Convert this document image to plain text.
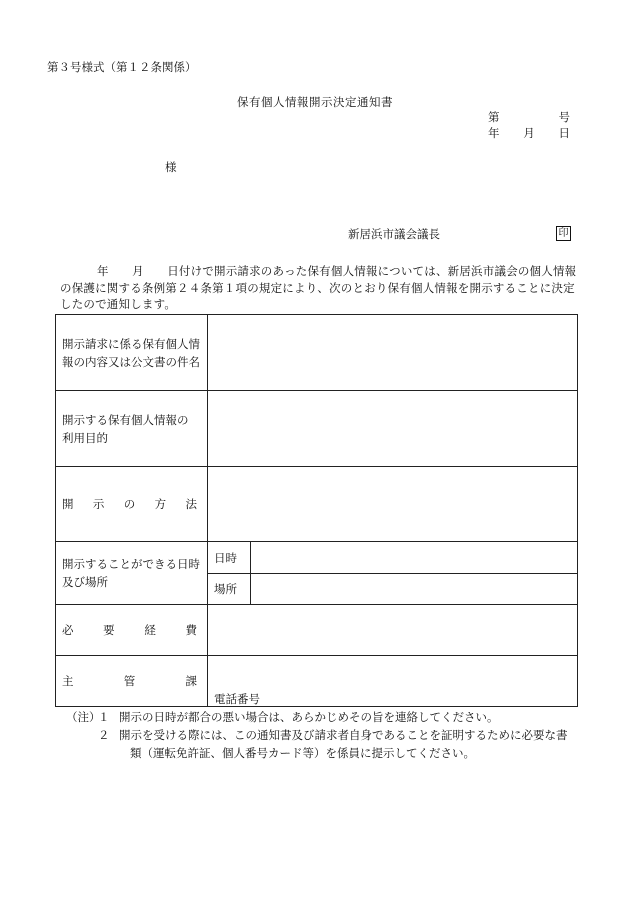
第３号様式（第１２条関係）
保有個人情報開示決定通知書
第	号
年 月 日
様
新居浜市議会議長	印
年　　月　　日付けで開示請求のあった保有個人情報については、新居浜市議会の個人情報
の保護に関する条例第２４条第１項の規定により、次のとおり保有個人情報を開示することに決定
したので通知します。
開示請求に係る保有個人情
報の内容又は公文書の件名		

開示する保有個人情報の
利用目的		

開 示 の 方 法		

開示することができる日時
及び場所	日時	
	場所	

必 要 経 費		

主 管 課	電話番号	
（注）
１ 開示の日時が都合の悪い場合は、あらかじめその旨を連絡してください。
２ 開示を受ける際には、この通知書及び請求者自身であることを証明するために必要な書
類（運転免許証、個人番号カード等）を係員に提示してください。
